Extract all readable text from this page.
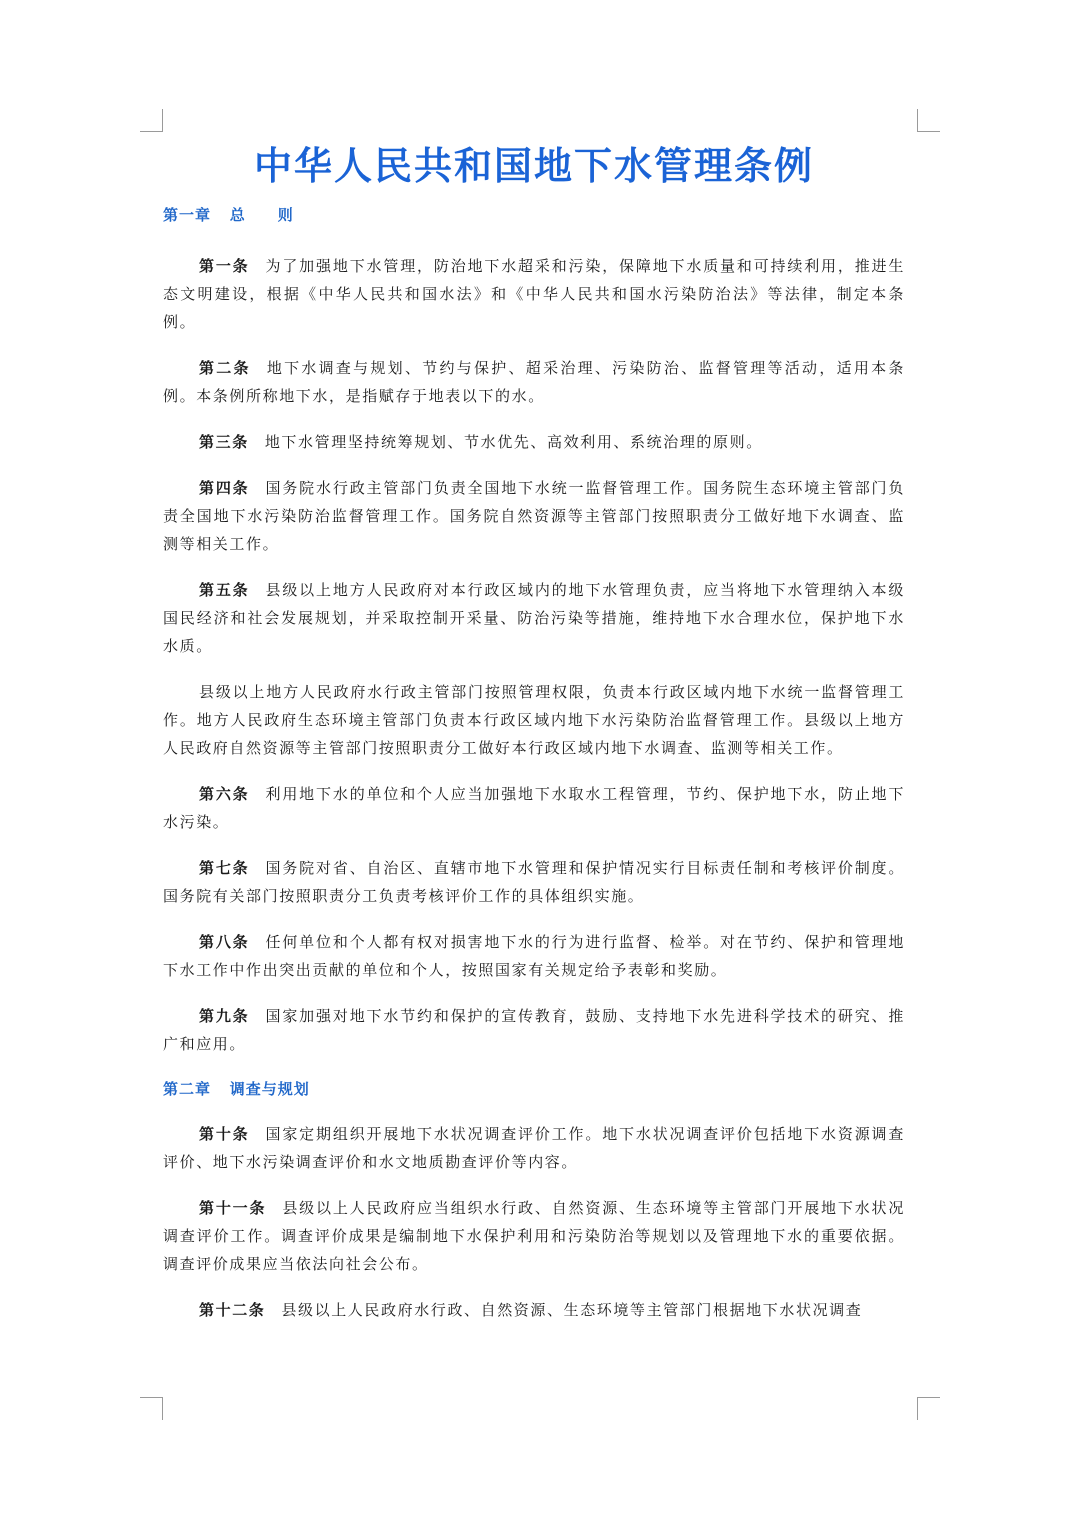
中华人民共和国地下水管理条例
第一章 总　　则

第一条 为了加强地下水管理，防治地下水超采和污染，保障地下水质量和可持续利用，推进生态文明建设，根据《中华人民共和国水法》和《中华人民共和国水污染防治法》等法律，制定本条例。

第二条 地下水调查与规划、节约与保护、超采治理、污染防治、监督管理等活动，适用本条例。本条例所称地下水，是指赋存于地表以下的水。

第三条 地下水管理坚持统筹规划、节水优先、高效利用、系统治理的原则。

第四条 国务院水行政主管部门负责全国地下水统一监督管理工作。国务院生态环境主管部门负责全国地下水污染防治监督管理工作。国务院自然资源等主管部门按照职责分工做好地下水调查、监测等相关工作。

第五条 县级以上地方人民政府对本行政区域内的地下水管理负责，应当将地下水管理纳入本级国民经济和社会发展规划，并采取控制开采量、防治污染等措施，维持地下水合理水位，保护地下水水质。

县级以上地方人民政府水行政主管部门按照管理权限，负责本行政区域内地下水统一监督管理工作。地方人民政府生态环境主管部门负责本行政区域内地下水污染防治监督管理工作。县级以上地方人民政府自然资源等主管部门按照职责分工做好本行政区域内地下水调查、监测等相关工作。

第六条 利用地下水的单位和个人应当加强地下水取水工程管理，节约、保护地下水，防止地下水污染。

第七条 国务院对省、自治区、直辖市地下水管理和保护情况实行目标责任制和考核评价制度。国务院有关部门按照职责分工负责考核评价工作的具体组织实施。

第八条 任何单位和个人都有权对损害地下水的行为进行监督、检举。对在节约、保护和管理地下水工作中作出突出贡献的单位和个人，按照国家有关规定给予表彰和奖励。

第九条 国家加强对地下水节约和保护的宣传教育，鼓励、支持地下水先进科学技术的研究、推广和应用。

第二章 调查与规划

第十条 国家定期组织开展地下水状况调查评价工作。地下水状况调查评价包括地下水资源调查评价、地下水污染调查评价和水文地质勘查评价等内容。

第十一条 县级以上人民政府应当组织水行政、自然资源、生态环境等主管部门开展地下水状况调查评价工作。调查评价成果是编制地下水保护利用和污染防治等规划以及管理地下水的重要依据。调查评价成果应当依法向社会公布。

第十二条 县级以上人民政府水行政、自然资源、生态环境等主管部门根据地下水状况调查
